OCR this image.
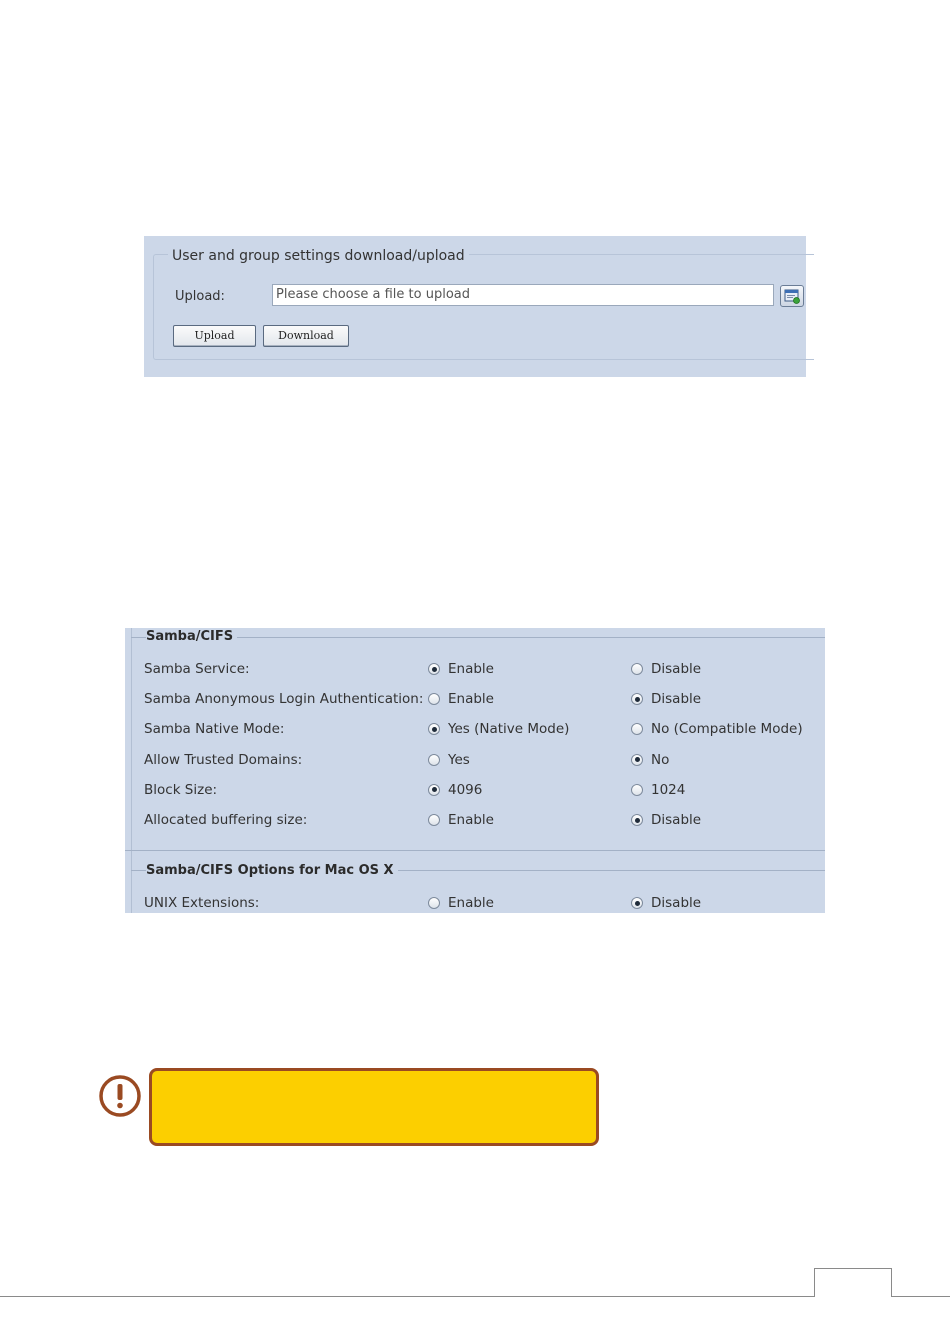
User and group settings download/upload
Upload:	Please choose a file to upload
Upload	Download
Samba/CIFS
Samba Service:	Enable	Disable
Samba Anonymous Login Authentication: Enable	Disable
Samba Native Mode:	Yes (Native Mode)	No (Compatible Mode)
Allow Trusted Domains:	Yes	No
Block Size:	4096	1024
Allocated buffering size:	Enable	Disable
Samba/CIFS Options for Mac OS X
UNIX Extensions:	Enable	Disable
